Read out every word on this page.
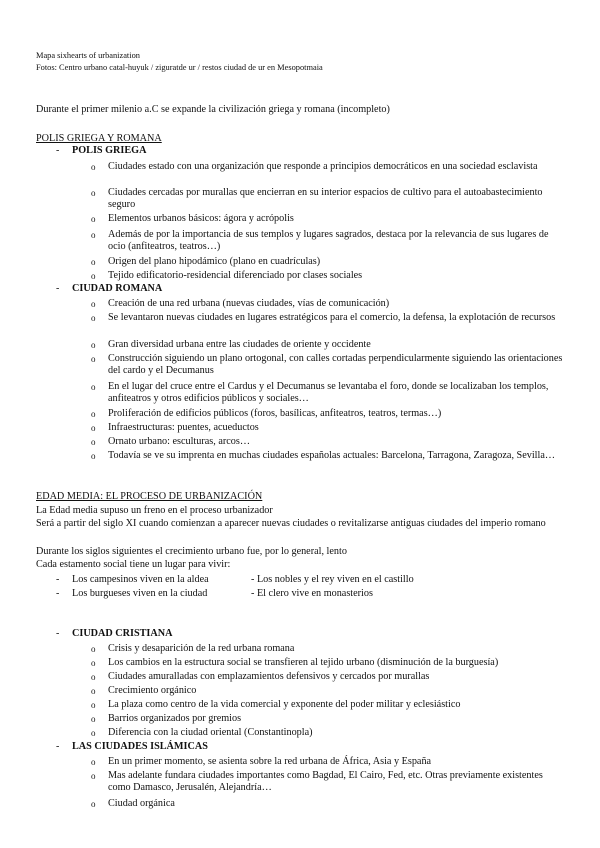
Mapa sixhearts of urbanization
Fotos: Centro urbano catal-huyuk / ziguratde ur / restos ciudad de ur en Mesopotmaia
Durante el primer milenio a.C se expande la civilización griega y romana (incompleto)
POLIS GRIEGA Y ROMANA
- POLIS GRIEGA
o Ciudades estado con una organización que responde a principios democráticos en una sociedad esclavista
o Ciudades cercadas por murallas que encierran en su interior espacios de cultivo para el autoabastecimiento seguro
o Elementos urbanos básicos: ágora y acrópolis
o Además de por la importancia de sus templos y lugares sagrados, destaca por la relevancia de sus lugares de ocio (anfiteatros, teatros…)
o Origen del plano hipodámico (plano en cuadrículas)
o Tejido edificatorio-residencial diferenciado por clases sociales
- CIUDAD ROMANA
o Creación de una red urbana (nuevas ciudades, vías de comunicación)
o Se levantaron nuevas ciudades en lugares estratégicos para el comercio, la defensa, la explotación de recursos
o Gran diversidad urbana entre las ciudades de oriente y occidente
o Construcción siguiendo un plano ortogonal, con calles cortadas perpendicularmente siguiendo las orientaciones del cardo y el Decumanus
o En el lugar del cruce entre el Cardus y el Decumanus se levantaba el foro, donde se localizaban los templos, anfiteatros y otros edificios públicos y sociales…
o Proliferación de edificios públicos (foros, basílicas, anfiteatros, teatros, termas…)
o Infraestructuras: puentes, acueductos
o Ornato urbano: esculturas, arcos…
o Todavía se ve su imprenta en muchas ciudades españolas actuales: Barcelona, Tarragona, Zaragoza, Sevilla…
EDAD MEDIA: EL PROCESO DE URBANIZACIÓN
La Edad media supuso un freno en el proceso urbanizador
Será a partir del siglo XI cuando comienzan a aparecer nuevas ciudades o revitalizarse antiguas ciudades del imperio romano
Durante los siglos siguientes el crecimiento urbano fue, por lo general, lento
Cada estamento social tiene un lugar para vivir:
- Los campesinos viven en la aldea	- Los nobles y el rey viven en el castillo
- Los burgueses viven en la ciudad	- El clero vive en monasterios
- CIUDAD CRISTIANA
o Crisis y desaparición de la red urbana romana
o Los cambios en la estructura social se transfieren al tejido urbano (disminución de la burguesía)
o Ciudades amuralladas con emplazamientos defensivos y cercados por murallas
o Crecimiento orgánico
o La plaza como centro de la vida comercial y exponente del poder militar y eclesiástico
o Barrios organizados por gremios
o Diferencia con la ciudad oriental (Constantinopla)
- LAS CIUDADES ISLÁMICAS
o En un primer momento, se asienta sobre la red urbana de África, Asia y España
o Mas adelante fundara ciudades importantes como Bagdad, El Cairo, Fed, etc. Otras previamente existentes como Damasco, Jerusalén, Alejandría…
o Ciudad orgánica
